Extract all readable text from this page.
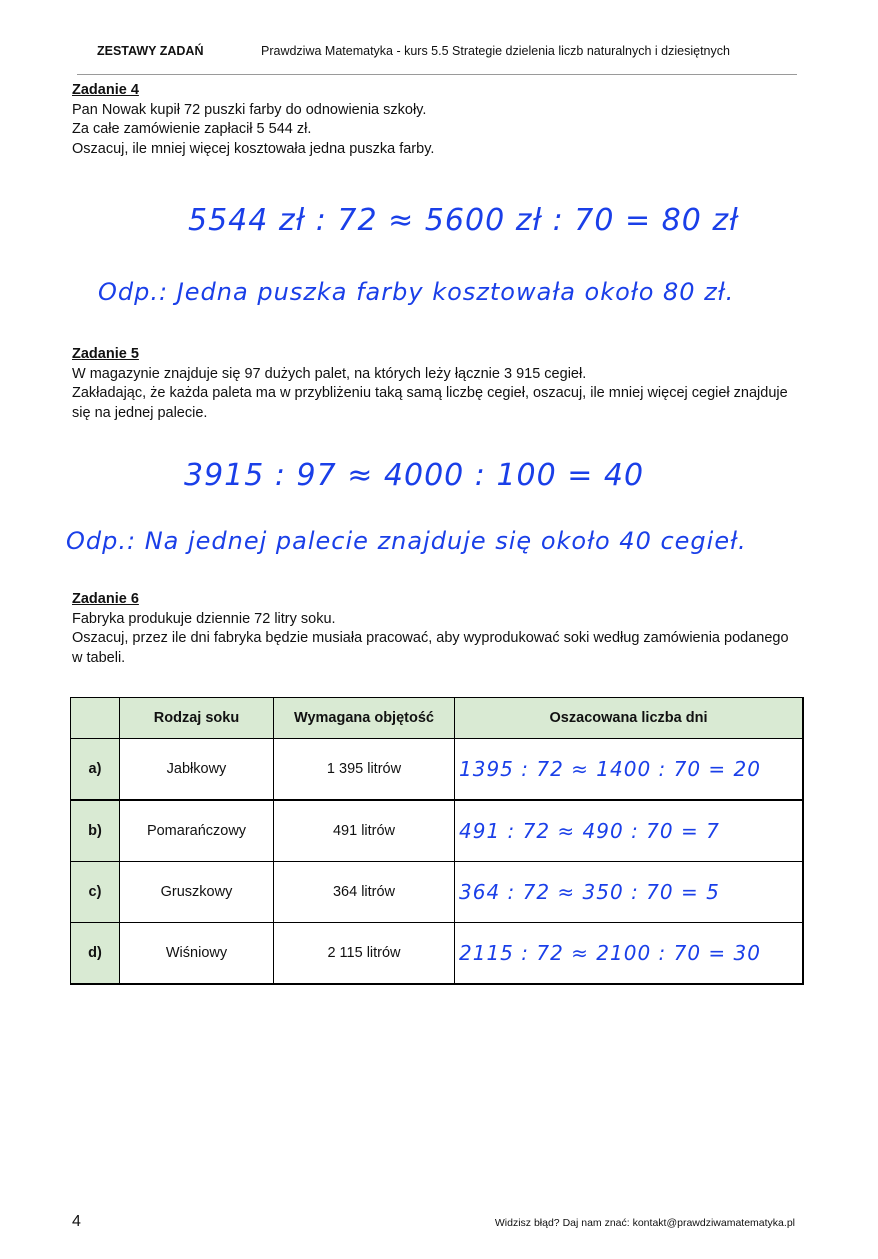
ZESTAWY ZADAŃ	Prawdziwa Matematyka - kurs 5.5 Strategie dzielenia liczb naturalnych i dziesiętnych
Zadanie 4
Pan Nowak kupił 72 puszki farby do odnowienia szkoły.
Za całe zamówienie zapłacił 5 544 zł.
Oszacuj, ile mniej więcej kosztowała jedna puszka farby.
5544 zł : 72 ≈ 5600 zł : 70 = 80 zł
Odp.: Jedna puszka farby kosztowała około 80 zł.
Zadanie 5
W magazynie znajduje się 97 dużych palet, na których leży łącznie 3 915 cegieł.
Zakładając, że każda paleta ma w przybliżeniu taką samą liczbę cegieł, oszacuj, ile mniej więcej cegieł znajduje się na jednej palecie.
3915 : 97 ≈ 4000 : 100 = 40
Odp.: Na jednej palecie znajduje się około 40 cegieł.
Zadanie 6
Fabryka produkuje dziennie 72 litry soku.
Oszacuj, przez ile dni fabryka będzie musiała pracować, aby wyprodukować soki według zamówienia podanego w tabeli.
	Rodzaj soku	Wymagana objętość	Oszacowana liczba dni
a)	Jabłkowy	1 395 litrów	1395 : 72 ≈ 1400 : 70 = 20
b)	Pomarańczowy	491 litrów	491 : 72 ≈ 490 : 70 = 7
c)	Gruszkowy	364 litrów	364 : 72 ≈ 350 : 70 = 5
d)	Wiśniowy	2 115 litrów	2115 : 72 ≈ 2100 : 70 = 30
4	Widzisz błąd? Daj nam znać: kontakt@prawdziwamatematyka.pl
